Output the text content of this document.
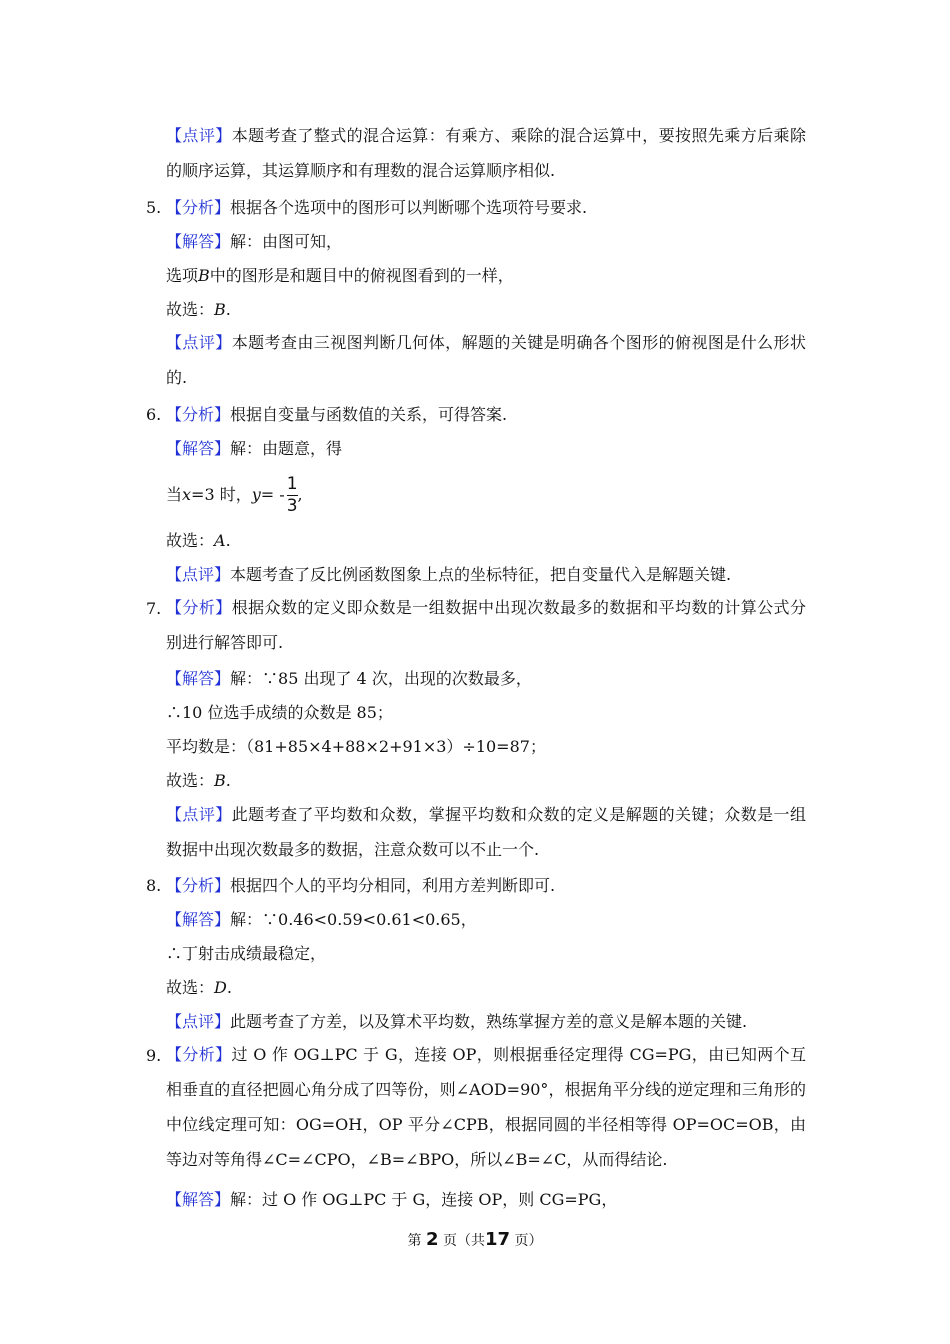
【点评】本题考查了整式的混合运算：有乘方、乘除的混合运算中，要按照先乘方后乘除的顺序运算，其运算顺序和有理数的混合运算顺序相似.
5. 【分析】根据各个选项中的图形可以判断哪个选项符号要求.
【解答】解：由图可知，
选项B中的图形是和题目中的俯视图看到的一样，
故选：B.
【点评】本题考查由三视图判断几何体，解题的关键是明确各个图形的俯视图是什么形状的.
6. 【分析】根据自变量与函数值的关系，可得答案.
【解答】解：由题意，得
当x=3 时，$y= - \frac{1}{3}$ ,
故选：A.
【点评】本题考查了反比例函数图象上点的坐标特征，把自变量代入是解题关键.
7. 【分析】根据众数的定义即众数是一组数据中出现次数最多的数据和平均数的计算公式分别进行解答即可.
【解答】解：∵85 出现了 4 次，出现的次数最多，
∴10 位选手成绩的众数是 85；
平均数是：（81+85×4+88×2+91×3）÷10=87；
故选：B.
【点评】此题考查了平均数和众数，掌握平均数和众数的定义是解题的关键；众数是一组数据中出现次数最多的数据，注意众数可以不止一个.
8. 【分析】根据四个人的平均分相同，利用方差判断即可.
【解答】解：∵0.46<0.59<0.61<0.65，
∴丁射击成绩最稳定，
故选：D.
【点评】此题考查了方差，以及算术平均数，熟练掌握方差的意义是解本题的关键.
9. 【分析】过 O 作 OG⊥PC 于 G，连接 OP，则根据垂径定理得 CG=PG，由已知两个互相垂直的直径把圆心角分成了四等份，则∠AOD=90°，根据角平分线的逆定理和三角形的中位线定理可知：OG=OH，OP 平分∠CPB，根据同圆的半径相等得 OP=OC=OB，由等边对等角得∠C=∠CPO，∠B=∠BPO，所以∠B=∠C，从而得结论.
【解答】解：过 O 作 OG⊥PC 于 G，连接 OP，则 CG=PG，
第 2 页（共17 页）
